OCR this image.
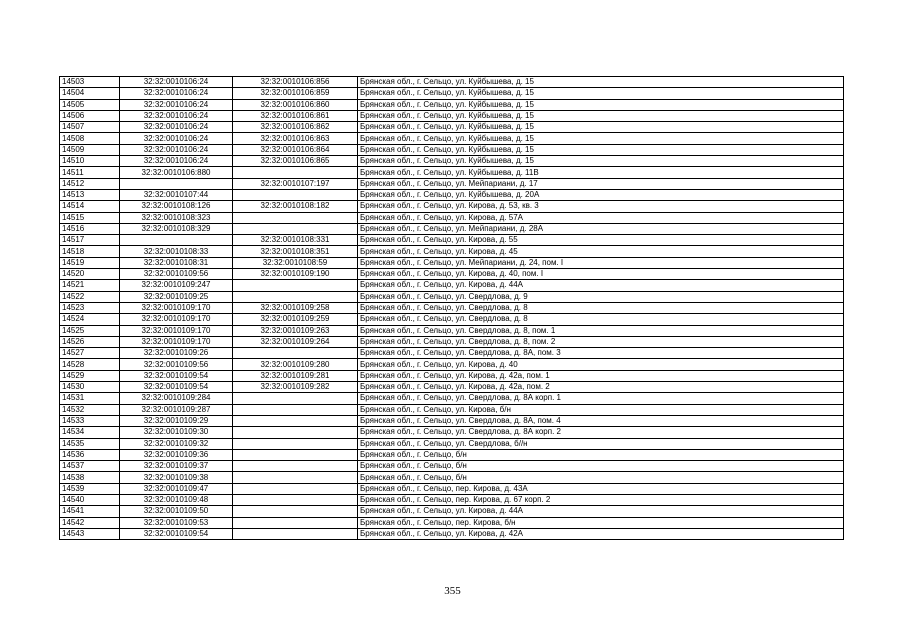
14503	32:32:0010106:24	32:32:0010106:856	Брянская обл., г. Сельцо, ул. Куйбышева, д. 15
14504	32:32:0010106:24	32:32:0010106:859	Брянская обл., г. Сельцо, ул. Куйбышева, д. 15
14505	32:32:0010106:24	32:32:0010106:860	Брянская обл., г. Сельцо, ул. Куйбышева, д. 15
14506	32:32:0010106:24	32:32:0010106:861	Брянская обл., г. Сельцо, ул. Куйбышева, д. 15
14507	32:32:0010106:24	32:32:0010106:862	Брянская обл., г. Сельцо, ул. Куйбышева, д. 15
14508	32:32:0010106:24	32:32:0010106:863	Брянская обл., г. Сельцо, ул. Куйбышева, д. 15
14509	32:32:0010106:24	32:32:0010106:864	Брянская обл., г. Сельцо, ул. Куйбышева, д. 15
14510	32:32:0010106:24	32:32:0010106:865	Брянская обл., г. Сельцо, ул. Куйбышева, д. 15
14511	32:32:0010106:880		Брянская обл., г. Сельцо, ул. Куйбышева, д. 11В
14512		32:32:0010107:197	Брянская обл., г. Сельцо, ул. Мейпариани, д. 17
14513	32:32:0010107:44		Брянская обл., г. Сельцо, ул. Куйбышева, д. 20А
14514	32:32:0010108:126	32:32:0010108:182	Брянская обл., г. Сельцо, ул. Кирова, д. 53, кв. 3
14515	32:32:0010108:323		Брянская обл., г. Сельцо, ул. Кирова, д. 57А
14516	32:32:0010108:329		Брянская обл., г. Сельцо, ул. Мейпариани, д. 28А
14517		32:32:0010108:331	Брянская обл., г. Сельцо, ул. Кирова, д. 55
14518	32:32:0010108:33	32:32:0010108:351	Брянская обл., г. Сельцо, ул. Кирова, д. 45
14519	32:32:0010108:31	32:32:0010108:59	Брянская обл., г. Сельцо, ул. Мейпариани, д. 24, пом. I
14520	32:32:0010109:56	32:32:0010109:190	Брянская обл., г. Сельцо, ул. Кирова, д. 40, пом. I
14521	32:32:0010109:247		Брянская обл., г. Сельцо, ул. Кирова, д. 44А
14522	32:32:0010109:25		Брянская обл., г. Сельцо, ул. Свердлова, д. 9
14523	32:32:0010109:170	32:32:0010109:258	Брянская обл., г. Сельцо, ул. Свердлова, д. 8
14524	32:32:0010109:170	32:32:0010109:259	Брянская обл., г. Сельцо, ул. Свердлова, д. 8
14525	32:32:0010109:170	32:32:0010109:263	Брянская обл., г. Сельцо, ул. Свердлова, д. 8, пом. 1
14526	32:32:0010109:170	32:32:0010109:264	Брянская обл., г. Сельцо, ул. Свердлова, д. 8, пом. 2
14527	32:32:0010109:26		Брянская обл., г. Сельцо, ул. Свердлова, д. 8А, пом. 3
14528	32:32:0010109:56	32:32:0010109:280	Брянская обл., г. Сельцо, ул. Кирова, д. 40
14529	32:32:0010109:54	32:32:0010109:281	Брянская обл., г. Сельцо, ул. Кирова, д. 42а, пом. 1
14530	32:32:0010109:54	32:32:0010109:282	Брянская обл., г. Сельцо, ул. Кирова, д. 42а, пом. 2
14531	32:32:0010109:284		Брянская обл., г. Сельцо, ул. Свердлова, д. 8А корп. 1
14532	32:32:0010109:287		Брянская обл., г. Сельцо, ул. Кирова, б/н
14533	32:32:0010109:29		Брянская обл., г. Сельцо, ул. Свердлова, д. 8А, пом. 4
14534	32:32:0010109:30		Брянская обл., г. Сельцо, ул. Свердлова, д. 8А корп. 2
14535	32:32:0010109:32		Брянская обл., г. Сельцо, ул. Свердлова, б//н
14536	32:32:0010109:36		Брянская обл., г. Сельцо, б/н
14537	32:32:0010109:37		Брянская обл., г. Сельцо, б/н
14538	32:32:0010109:38		Брянская обл., г. Сельцо, б/н
14539	32:32:0010109:47		Брянская обл., г. Сельцо, пер. Кирова, д. 43А
14540	32:32:0010109:48		Брянская обл., г. Сельцо, пер. Кирова, д. 67 корп. 2
14541	32:32:0010109:50		Брянская обл., г. Сельцо, ул. Кирова, д. 44А
14542	32:32:0010109:53		Брянская обл., г. Сельцо, пер. Кирова, б/н
14543	32:32:0010109:54		Брянская обл., г. Сельцо, ул. Кирова, д. 42А
355
